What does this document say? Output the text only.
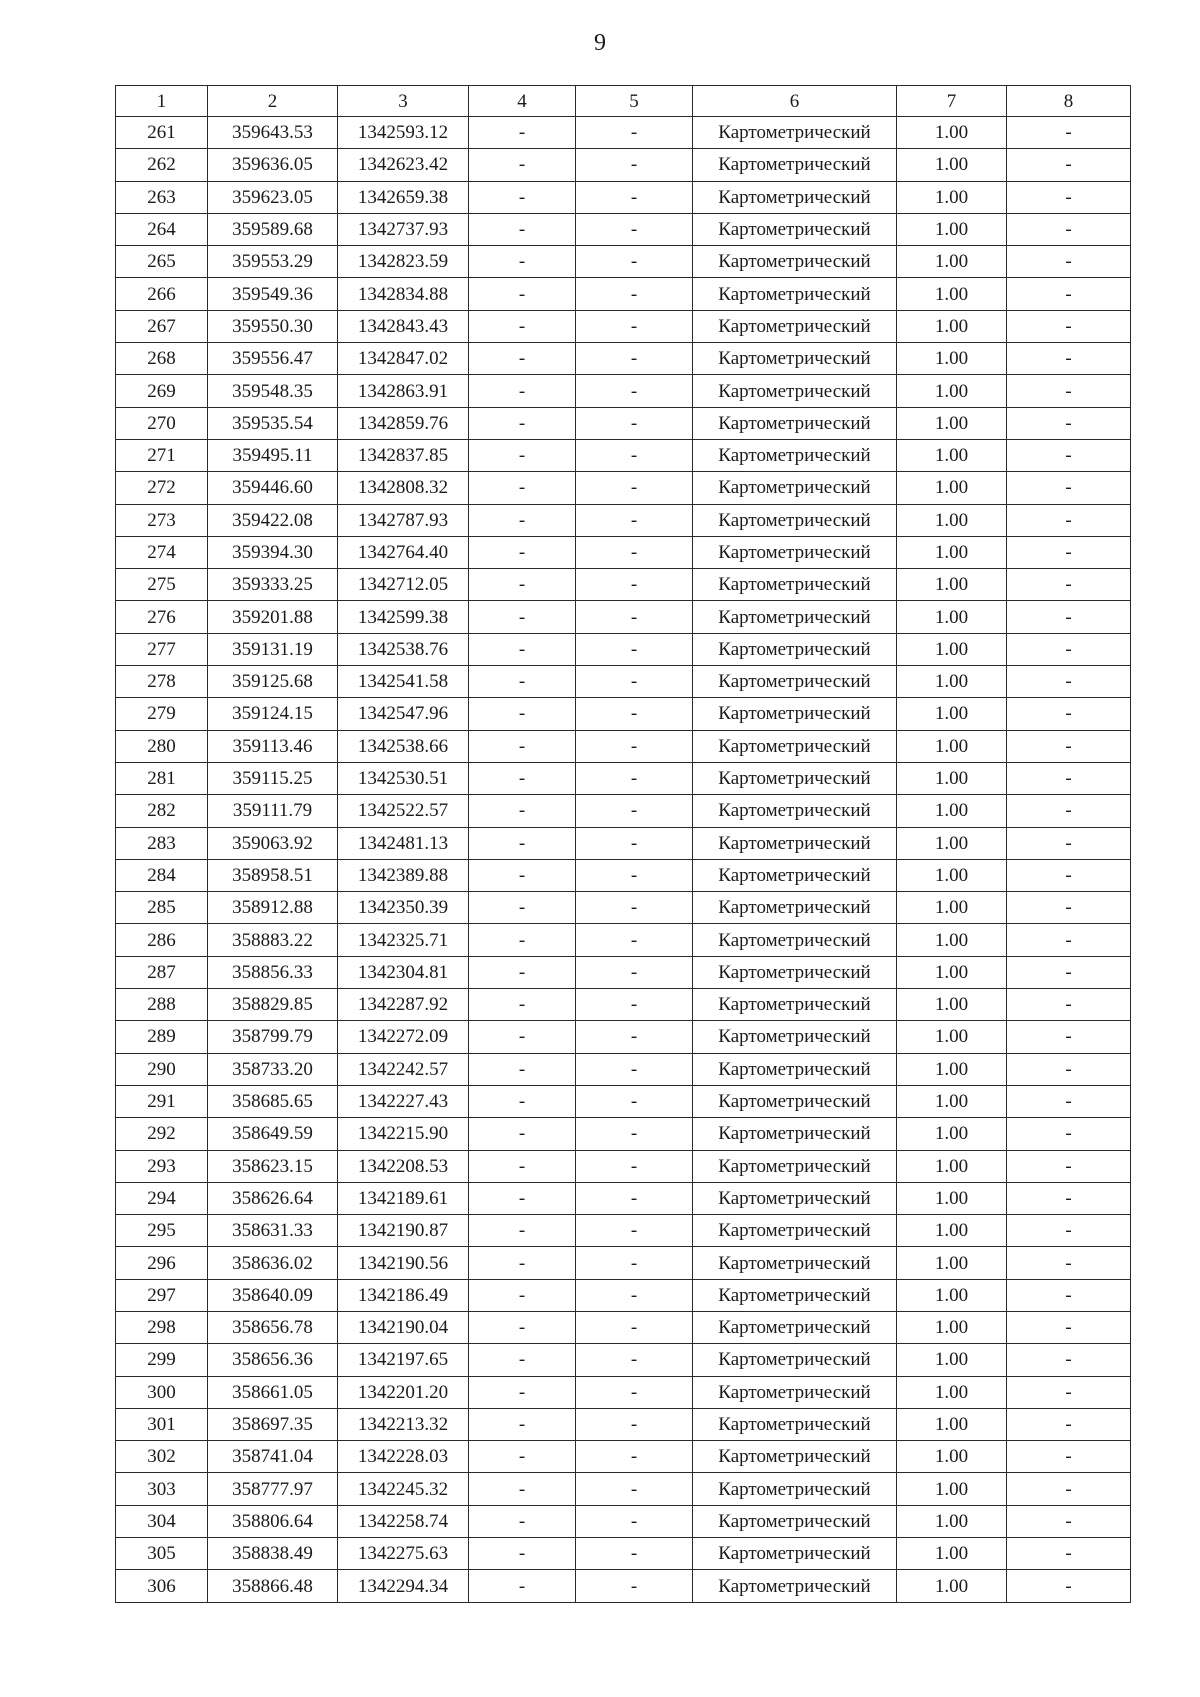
9
1	2	3	4	5	6	7	8
261	359643.53	1342593.12	-	-	Картометрический	1.00	-
262	359636.05	1342623.42	-	-	Картометрический	1.00	-
263	359623.05	1342659.38	-	-	Картометрический	1.00	-
264	359589.68	1342737.93	-	-	Картометрический	1.00	-
265	359553.29	1342823.59	-	-	Картометрический	1.00	-
266	359549.36	1342834.88	-	-	Картометрический	1.00	-
267	359550.30	1342843.43	-	-	Картометрический	1.00	-
268	359556.47	1342847.02	-	-	Картометрический	1.00	-
269	359548.35	1342863.91	-	-	Картометрический	1.00	-
270	359535.54	1342859.76	-	-	Картометрический	1.00	-
271	359495.11	1342837.85	-	-	Картометрический	1.00	-
272	359446.60	1342808.32	-	-	Картометрический	1.00	-
273	359422.08	1342787.93	-	-	Картометрический	1.00	-
274	359394.30	1342764.40	-	-	Картометрический	1.00	-
275	359333.25	1342712.05	-	-	Картометрический	1.00	-
276	359201.88	1342599.38	-	-	Картометрический	1.00	-
277	359131.19	1342538.76	-	-	Картометрический	1.00	-
278	359125.68	1342541.58	-	-	Картометрический	1.00	-
279	359124.15	1342547.96	-	-	Картометрический	1.00	-
280	359113.46	1342538.66	-	-	Картометрический	1.00	-
281	359115.25	1342530.51	-	-	Картометрический	1.00	-
282	359111.79	1342522.57	-	-	Картометрический	1.00	-
283	359063.92	1342481.13	-	-	Картометрический	1.00	-
284	358958.51	1342389.88	-	-	Картометрический	1.00	-
285	358912.88	1342350.39	-	-	Картометрический	1.00	-
286	358883.22	1342325.71	-	-	Картометрический	1.00	-
287	358856.33	1342304.81	-	-	Картометрический	1.00	-
288	358829.85	1342287.92	-	-	Картометрический	1.00	-
289	358799.79	1342272.09	-	-	Картометрический	1.00	-
290	358733.20	1342242.57	-	-	Картометрический	1.00	-
291	358685.65	1342227.43	-	-	Картометрический	1.00	-
292	358649.59	1342215.90	-	-	Картометрический	1.00	-
293	358623.15	1342208.53	-	-	Картометрический	1.00	-
294	358626.64	1342189.61	-	-	Картометрический	1.00	-
295	358631.33	1342190.87	-	-	Картометрический	1.00	-
296	358636.02	1342190.56	-	-	Картометрический	1.00	-
297	358640.09	1342186.49	-	-	Картометрический	1.00	-
298	358656.78	1342190.04	-	-	Картометрический	1.00	-
299	358656.36	1342197.65	-	-	Картометрический	1.00	-
300	358661.05	1342201.20	-	-	Картометрический	1.00	-
301	358697.35	1342213.32	-	-	Картометрический	1.00	-
302	358741.04	1342228.03	-	-	Картометрический	1.00	-
303	358777.97	1342245.32	-	-	Картометрический	1.00	-
304	358806.64	1342258.74	-	-	Картометрический	1.00	-
305	358838.49	1342275.63	-	-	Картометрический	1.00	-
306	358866.48	1342294.34	-	-	Картометрический	1.00	-
